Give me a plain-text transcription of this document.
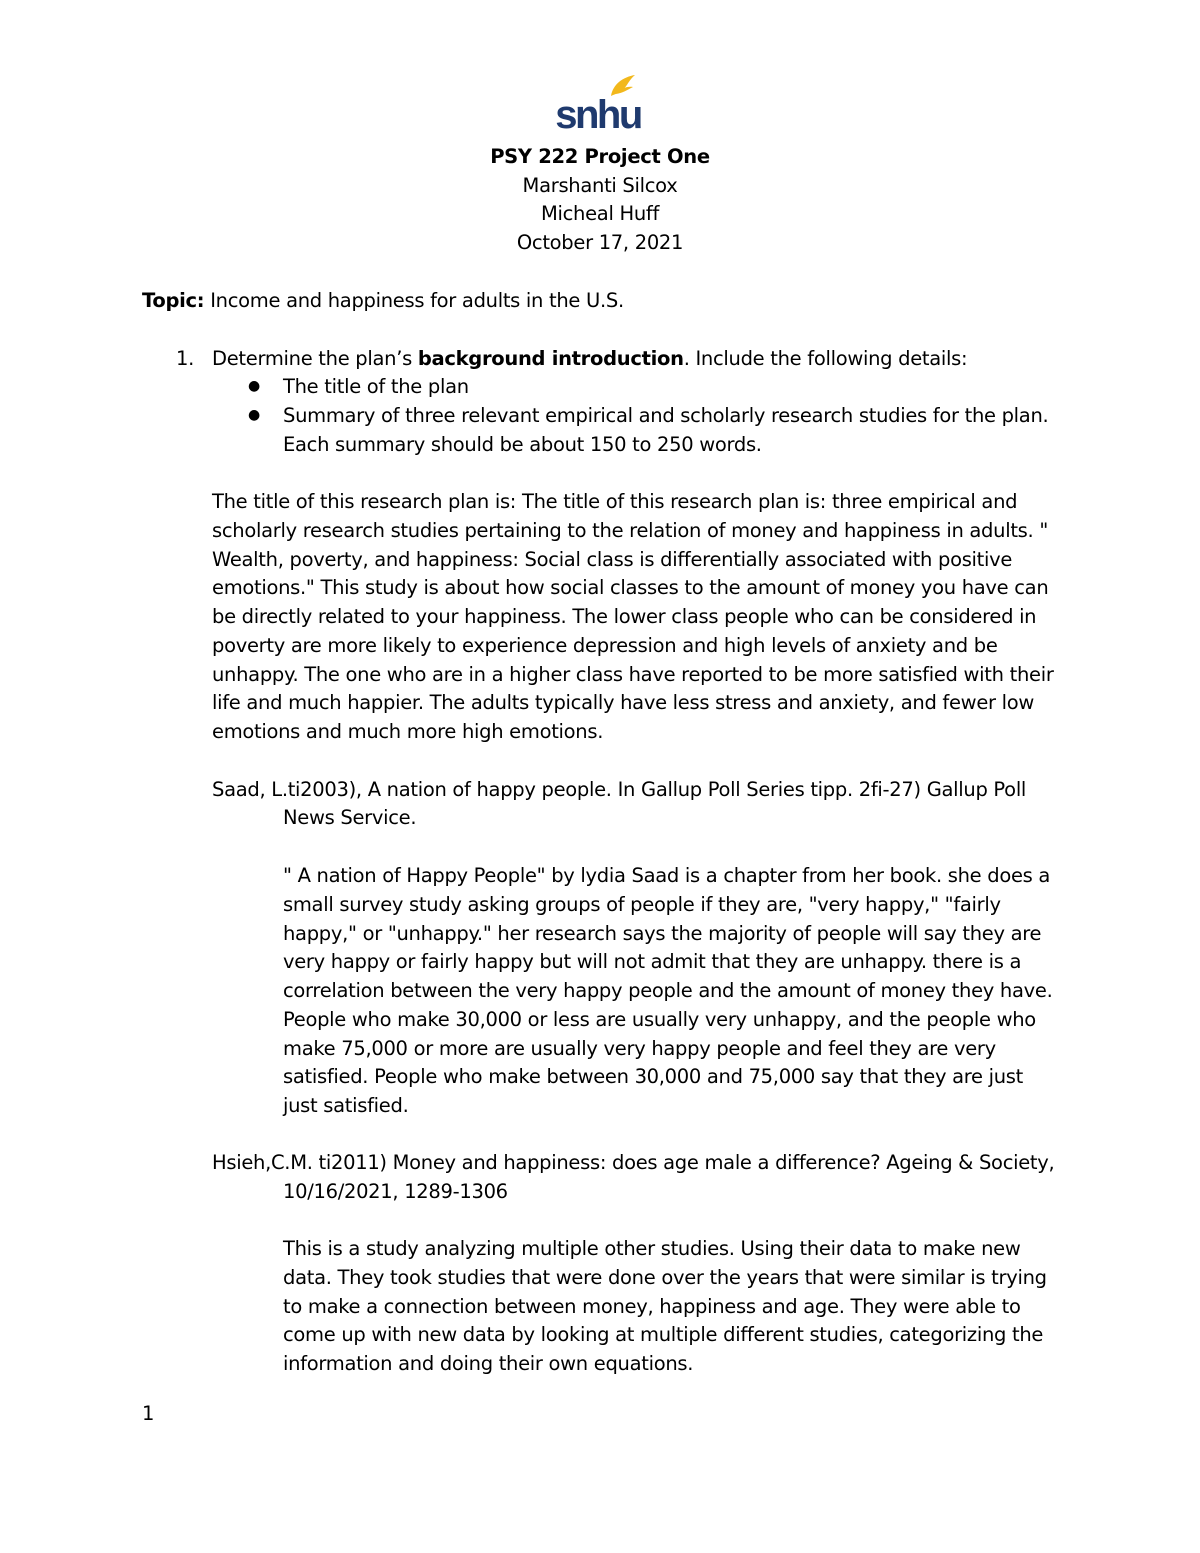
snhu
PSY 222 Project One
Marshanti Silcox
Micheal Huff
October 17, 2021
Topic: Income and happiness for adults in the U.S.
1. Determine the plan’s background introduction. Include the following details:
● The title of the plan
● Summary of three relevant empirical and scholarly research studies for the plan.
Each summary should be about 150 to 250 words.
The title of this research plan is: The title of this research plan is: three empirical and
scholarly research studies pertaining to the relation of money and happiness in adults. "
Wealth, poverty, and happiness: Social class is differentially associated with positive
emotions." This study is about how social classes to the amount of money you have can
be directly related to your happiness. The lower class people who can be considered in
poverty are more likely to experience depression and high levels of anxiety and be
unhappy. The one who are in a higher class have reported to be more satisfied with their
life and much happier. The adults typically have less stress and anxiety, and fewer low
emotions and much more high emotions.
Saad, L.ti2003), A nation of happy people. In Gallup Poll Series tipp. 2fi-27) Gallup Poll
News Service.
" A nation of Happy People" by lydia Saad is a chapter from her book. she does a
small survey study asking groups of people if they are, "very happy," "fairly
happy," or "unhappy." her research says the majority of people will say they are
very happy or fairly happy but will not admit that they are unhappy. there is a
correlation between the very happy people and the amount of money they have.
People who make 30,000 or less are usually very unhappy, and the people who
make 75,000 or more are usually very happy people and feel they are very
satisfied. People who make between 30,000 and 75,000 say that they are just
just satisfied.
Hsieh,C.M. ti2011) Money and happiness: does age male a difference? Ageing & Society,
10/16/2021, 1289-1306
This is a study analyzing multiple other studies. Using their data to make new
data. They took studies that were done over the years that were similar is trying
to make a connection between money, happiness and age. They were able to
come up with new data by looking at multiple different studies, categorizing the
information and doing their own equations.
1
